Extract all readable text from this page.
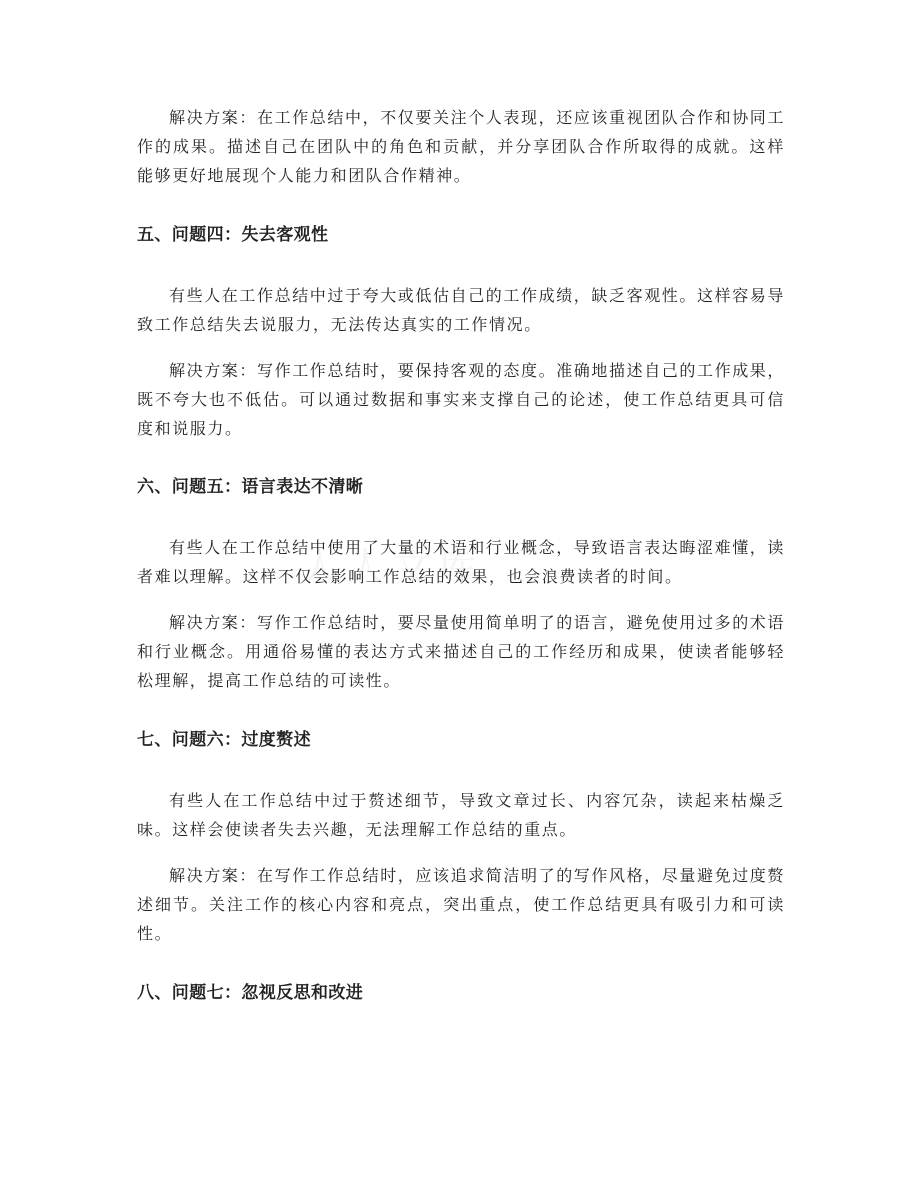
解决方案：在工作总结中，不仅要关注个人表现，还应该重视团队合作和协同工作的成果。描述自己在团队中的角色和贡献，并分享团队合作所取得的成就。这样能够更好地展现个人能力和团队合作精神。

五、问题四：失去客观性

有些人在工作总结中过于夸大或低估自己的工作成绩，缺乏客观性。这样容易导致工作总结失去说服力，无法传达真实的工作情况。

解决方案：写作工作总结时，要保持客观的态度。准确地描述自己的工作成果，既不夸大也不低估。可以通过数据和事实来支撑自己的论述，使工作总结更具可信度和说服力。

六、问题五：语言表达不清晰

有些人在工作总结中使用了大量的术语和行业概念，导致语言表达晦涩难懂，读者难以理解。这样不仅会影响工作总结的效果，也会浪费读者的时间。

解决方案：写作工作总结时，要尽量使用简单明了的语言，避免使用过多的术语和行业概念。用通俗易懂的表达方式来描述自己的工作经历和成果，使读者能够轻松理解，提高工作总结的可读性。

七、问题六：过度赘述

有些人在工作总结中过于赘述细节，导致文章过长、内容冗杂，读起来枯燥乏味。这样会使读者失去兴趣，无法理解工作总结的重点。

解决方案：在写作工作总结时，应该追求简洁明了的写作风格，尽量避免过度赘述细节。关注工作的核心内容和亮点，突出重点，使工作总结更具有吸引力和可读性。

八、问题七：忽视反思和改进
